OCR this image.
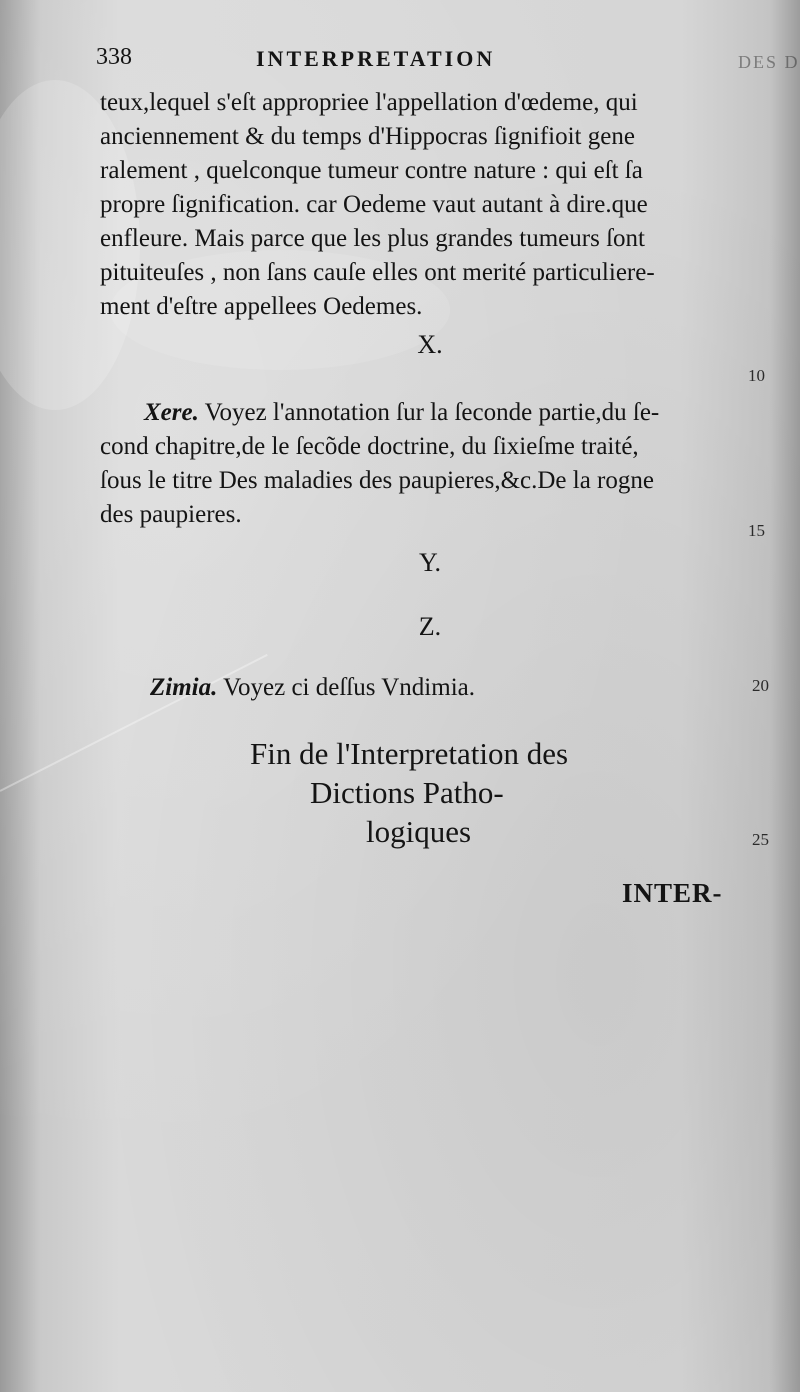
338	INTERPRETATION	DES D
teux,lequel s'eſt appropriee l'appellation d'œdeme, qui
anciennement & du temps d'Hippocras ſignifioit gene
ralement , quelconque tumeur contre nature : qui eſt ſa
propre ſignification. car Oedeme vaut autant à dire.que
enfleure. Mais parce que les plus grandes tumeurs ſont
pituiteuſes , non ſans cauſe elles ont merité particuliere-
ment d'eſtre appellees Oedemes.
X.
Xere. Voyez l'annotation ſur la ſeconde partie,du ſe-
cond chapitre,de le ſecõde doctrine, du ſixieſme traité,
ſous le titre Des maladies des paupieres,&c.De la rogne
des paupieres.
Y.
Z.
Zimia. Voyez ci deſſus Vndimia.
Fin de l'Interpretation des
Dictions Patho-
logiques
INTER-
10
15
20
25
